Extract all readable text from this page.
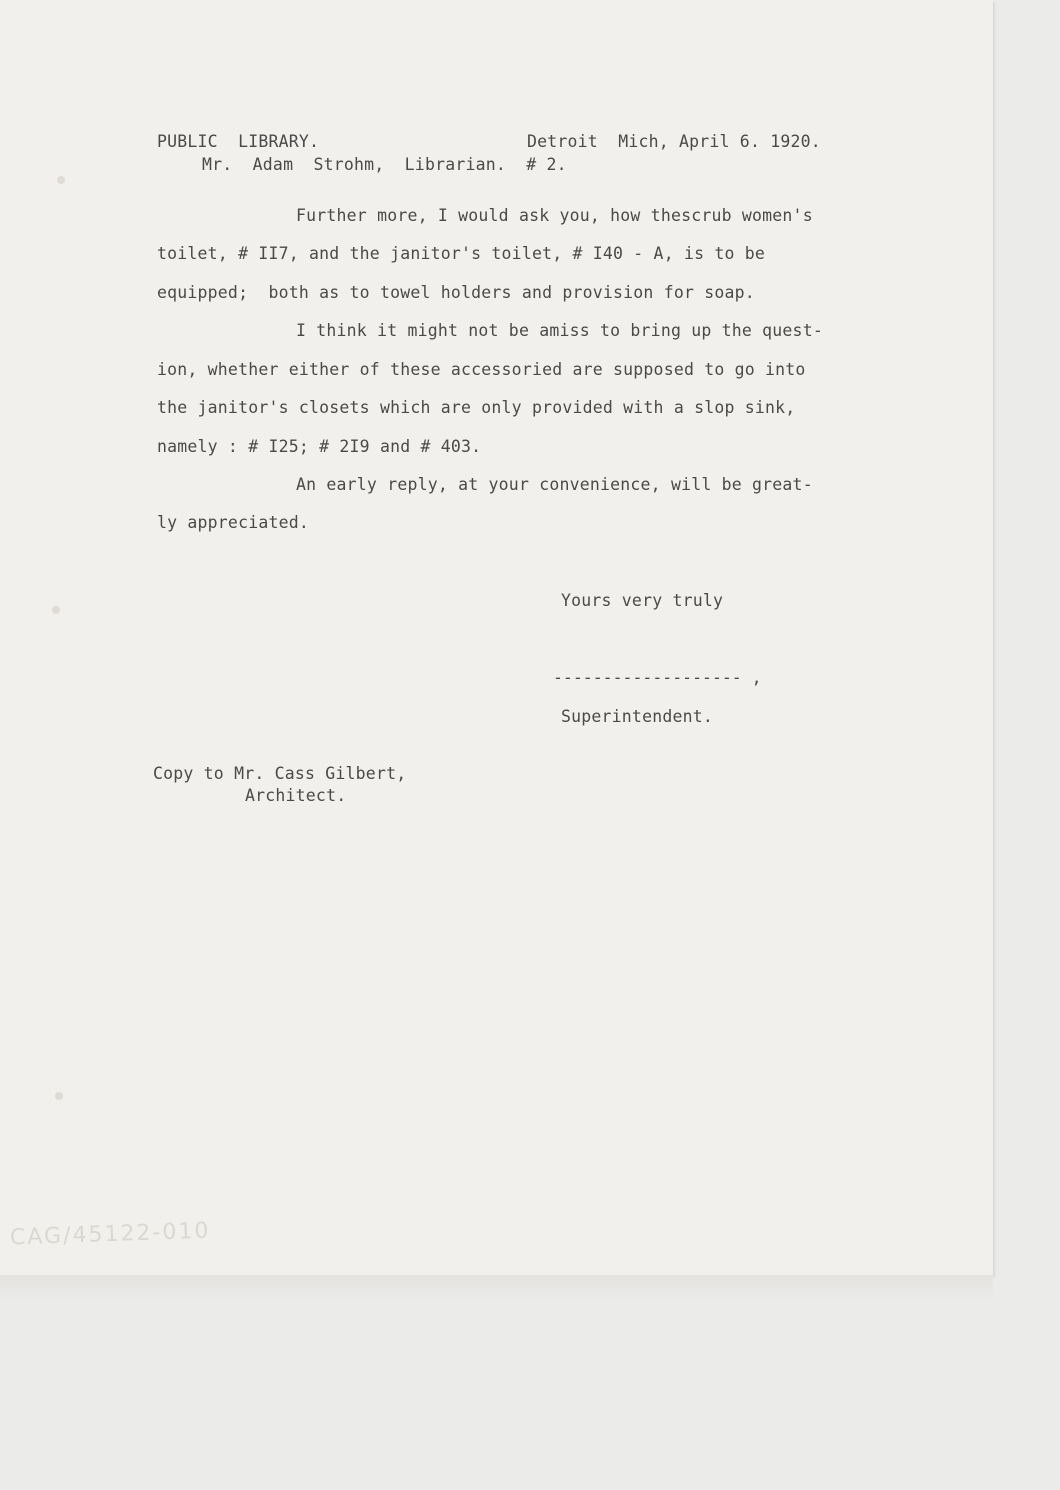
PUBLIC  LIBRARY.	Detroit  Mich, April 6. 1920.
Mr.  Adam  Strohm,  Librarian.  # 2.
Further more, I would ask you, how thescrub women's
toilet, # II7, and the janitor's toilet, # I40 - A, is to be
equipped;  both as to towel holders and provision for soap.
I think it might not be amiss to bring up the quest-
ion, whether either of these accessoried are supposed to go into
the janitor's closets which are only provided with a slop sink,
namely : # I25; # 2I9 and # 403.
An early reply, at your convenience, will be great-
ly appreciated.
Yours very truly
------------------- ,
Superintendent.
Copy to Mr. Cass Gilbert,
Architect.
CAG/45122-010
